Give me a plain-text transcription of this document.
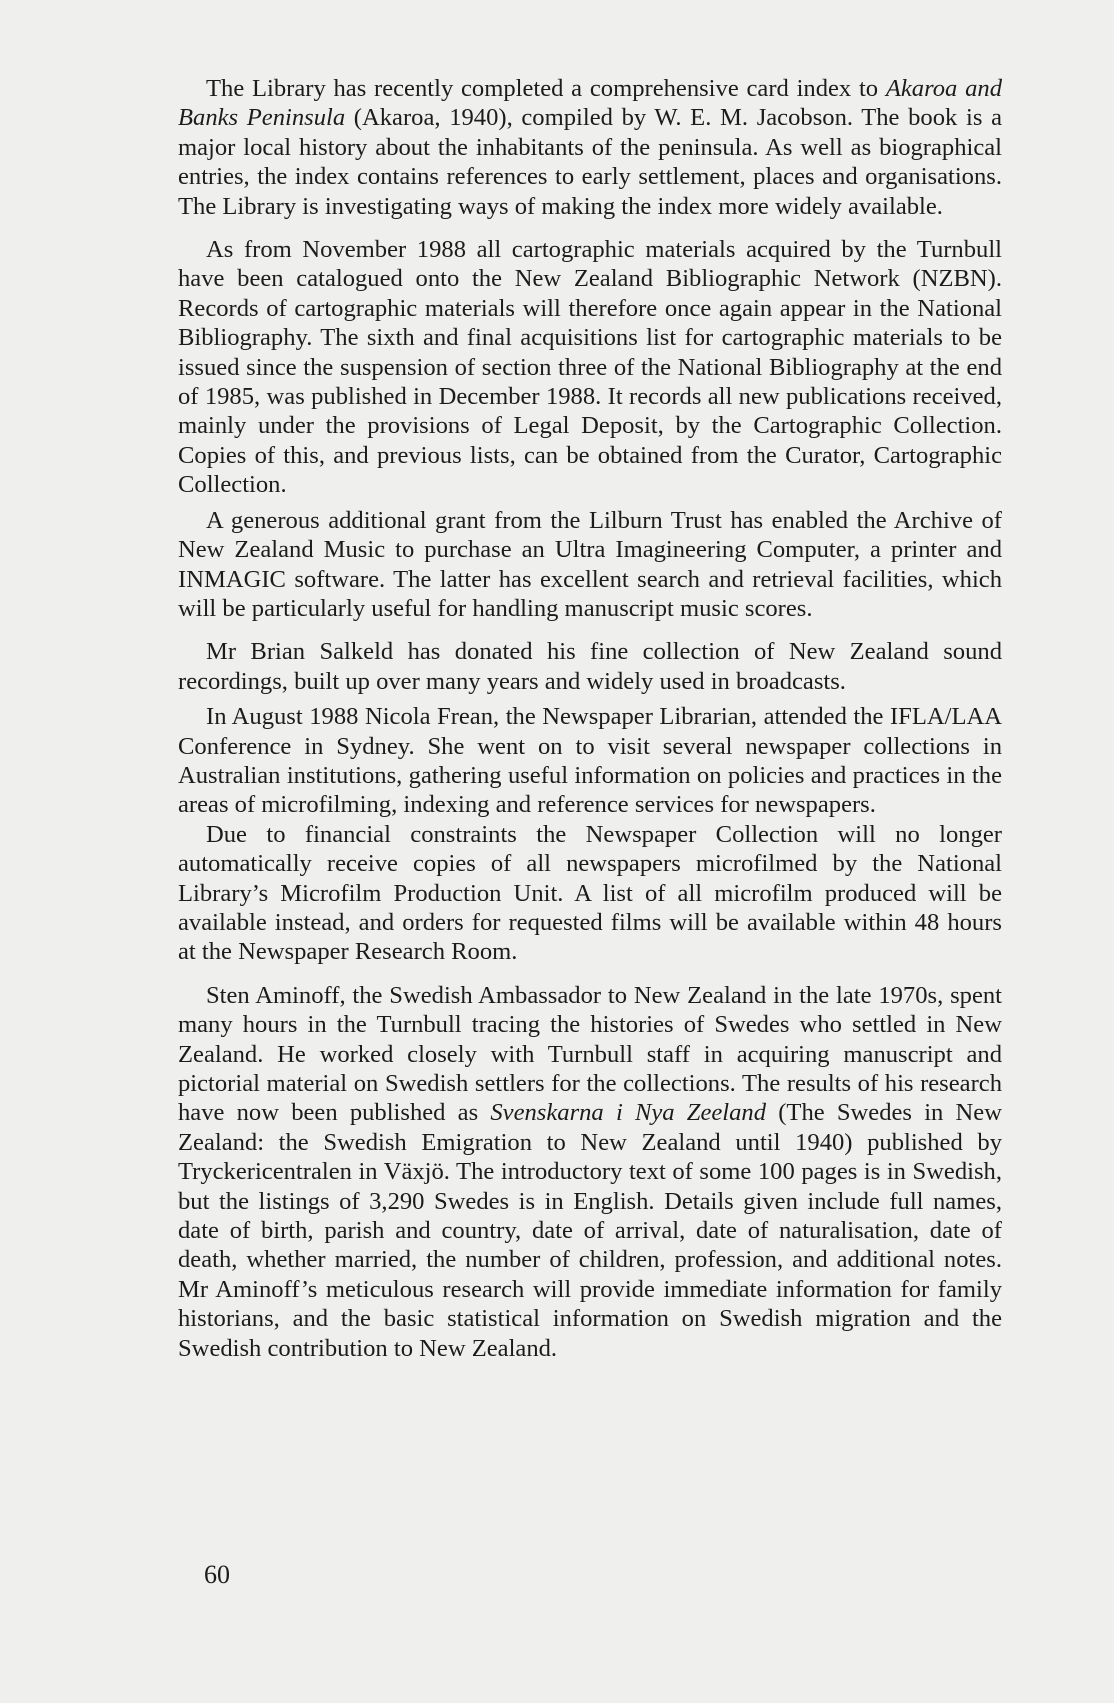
The Library has recently completed a comprehensive card index to Akaroa and Banks Peninsula (Akaroa, 1940), compiled by W. E. M. Jacobson. The book is a major local history about the inhabitants of the peninsula. As well as biographical entries, the index contains references to early settlement, places and organisations. The Library is investigating ways of making the index more widely available.

As from November 1988 all cartographic materials acquired by the Turnbull have been catalogued onto the New Zealand Bibliographic Network (NZBN). Records of cartographic materials will therefore once again appear in the National Bibliography. The sixth and final acquisitions list for cartographic materials to be issued since the suspension of section three of the National Bibliography at the end of 1985, was published in December 1988. It records all new publications received, mainly under the provisions of Legal Deposit, by the Cartographic Collection. Copies of this, and previous lists, can be obtained from the Curator, Cartographic Collection.

A generous additional grant from the Lilburn Trust has enabled the Archive of New Zealand Music to purchase an Ultra Imagineering Computer, a printer and INMAGIC software. The latter has excellent search and retrieval facilities, which will be particularly useful for handling manuscript music scores.

Mr Brian Salkeld has donated his fine collection of New Zealand sound recordings, built up over many years and widely used in broadcasts.

In August 1988 Nicola Frean, the Newspaper Librarian, attended the IFLA/LAA Conference in Sydney. She went on to visit several newspaper collections in Australian institutions, gathering useful information on policies and practices in the areas of microfilming, indexing and reference services for newspapers.

Due to financial constraints the Newspaper Collection will no longer automatically receive copies of all newspapers microfilmed by the National Library’s Microfilm Production Unit. A list of all microfilm produced will be available instead, and orders for requested films will be available within 48 hours at the Newspaper Research Room.

Sten Aminoff, the Swedish Ambassador to New Zealand in the late 1970s, spent many hours in the Turnbull tracing the histories of Swedes who settled in New Zealand. He worked closely with Turnbull staff in acquiring manuscript and pictorial material on Swedish settlers for the collections. The results of his research have now been published as Svenskarna i Nya Zeeland (The Swedes in New Zealand: the Swedish Emigration to New Zealand until 1940) published by Tryckericentralen in Växjö. The introductory text of some 100 pages is in Swedish, but the listings of 3,290 Swedes is in English. Details given include full names, date of birth, parish and country, date of arrival, date of naturalisation, date of death, whether married, the number of children, profession, and additional notes. Mr Aminoff’s meticulous research will provide immediate information for family historians, and the basic statistical information on Swedish migration and the Swedish contribution to New Zealand.

60
